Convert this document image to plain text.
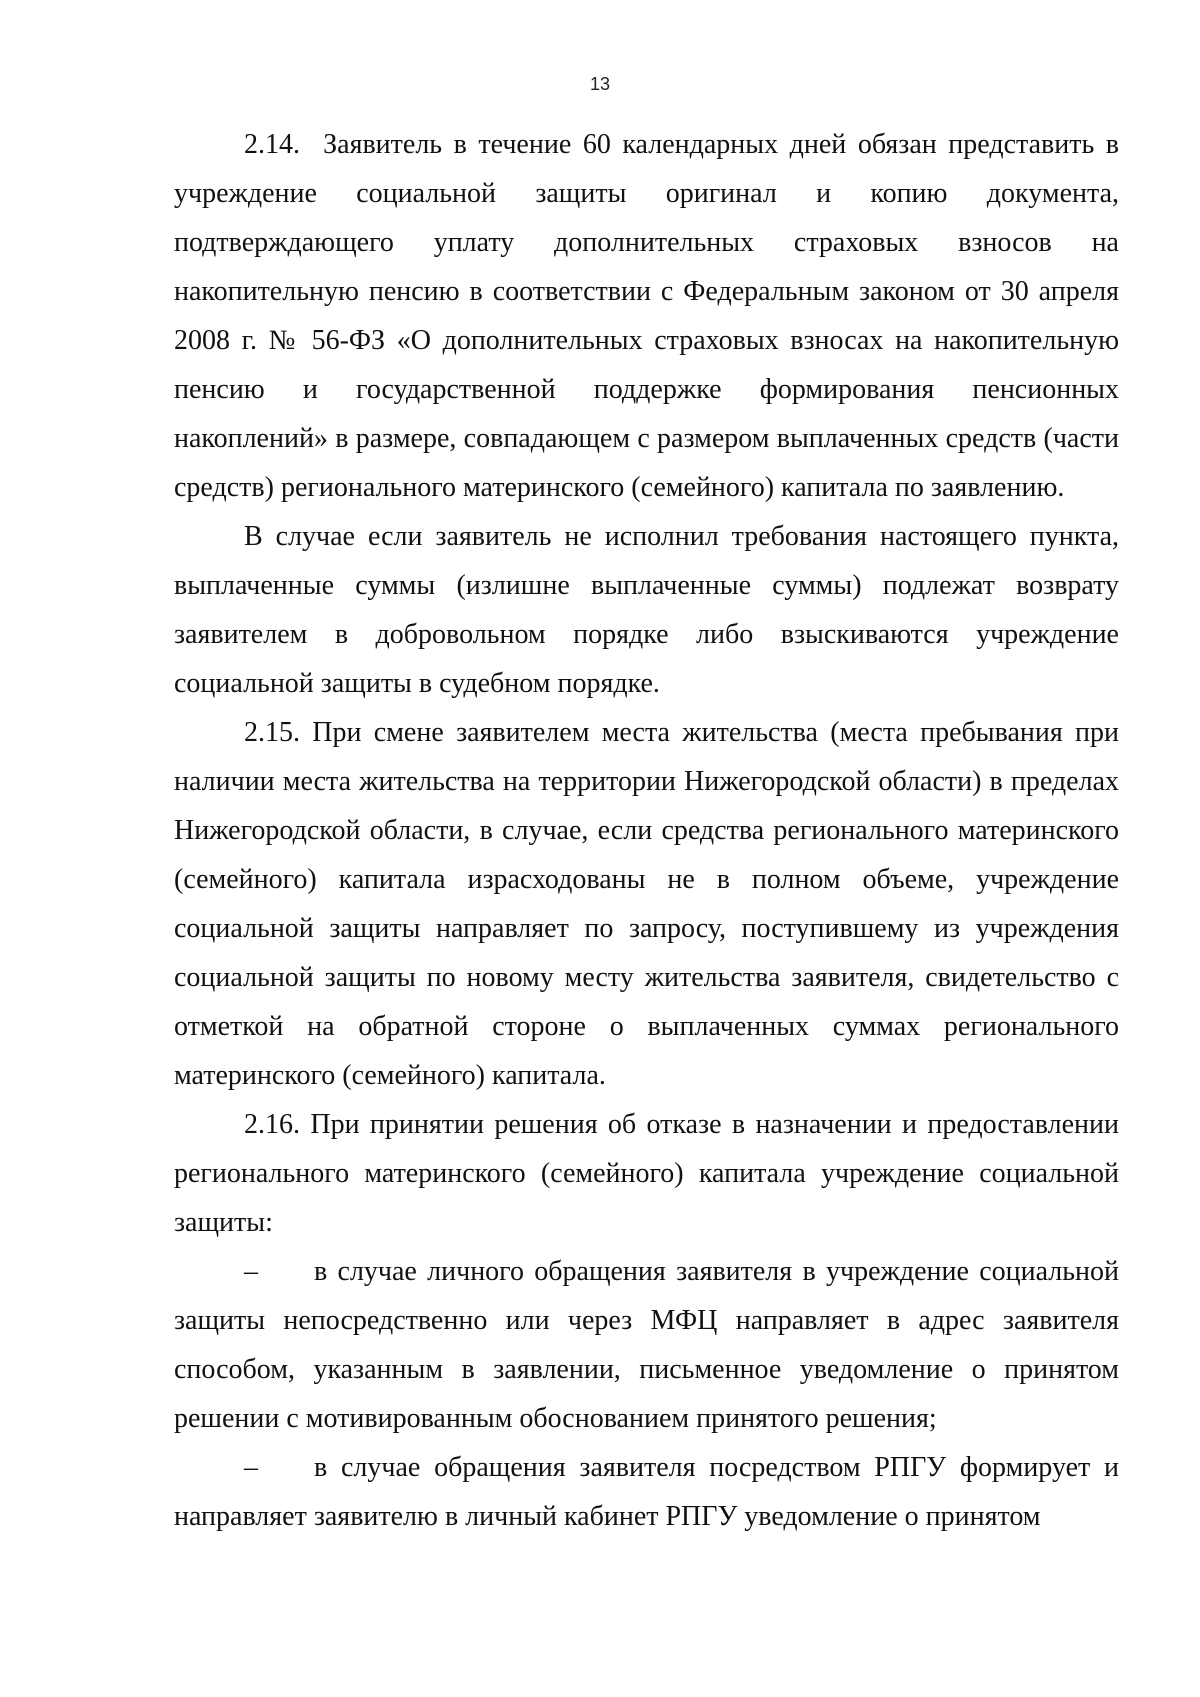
13

2.14.  Заявитель в течение 60 календарных дней обязан представить в учреждение социальной защиты оригинал и копию документа, подтверждающего уплату дополнительных страховых взносов на накопительную пенсию в соответствии с Федеральным законом от 30 апреля 2008 г. № 56-ФЗ «О дополнительных страховых взносах на накопительную пенсию и государственной поддержке формирования пенсионных накоплений» в размере, совпадающем с размером выплаченных средств (части средств) регионального материнского (семейного) капитала по заявлению.

В случае если заявитель не исполнил требования настоящего пункта, выплаченные суммы (излишне выплаченные суммы) подлежат возврату заявителем в добровольном порядке либо взыскиваются учреждение социальной защиты в судебном порядке.

2.15. При смене заявителем места жительства (места пребывания при наличии места жительства на территории Нижегородской области) в пределах Нижегородской области, в случае, если средства регионального материнского (семейного) капитала израсходованы не в полном объеме, учреждение социальной защиты направляет по запросу, поступившему из учреждения социальной защиты по новому месту жительства заявителя, свидетельство с отметкой на обратной стороне о выплаченных суммах регионального материнского (семейного) капитала.

2.16. При принятии решения об отказе в назначении и предоставлении регионального материнского (семейного) капитала учреждение социальной защиты:

– в случае личного обращения заявителя в учреждение социальной защиты непосредственно или через МФЦ направляет в адрес заявителя способом, указанным в заявлении, письменное уведомление о принятом решении с мотивированным обоснованием принятого решения;

– в случае обращения заявителя посредством РПГУ формирует и направляет заявителю в личный кабинет РПГУ уведомление о принятом
